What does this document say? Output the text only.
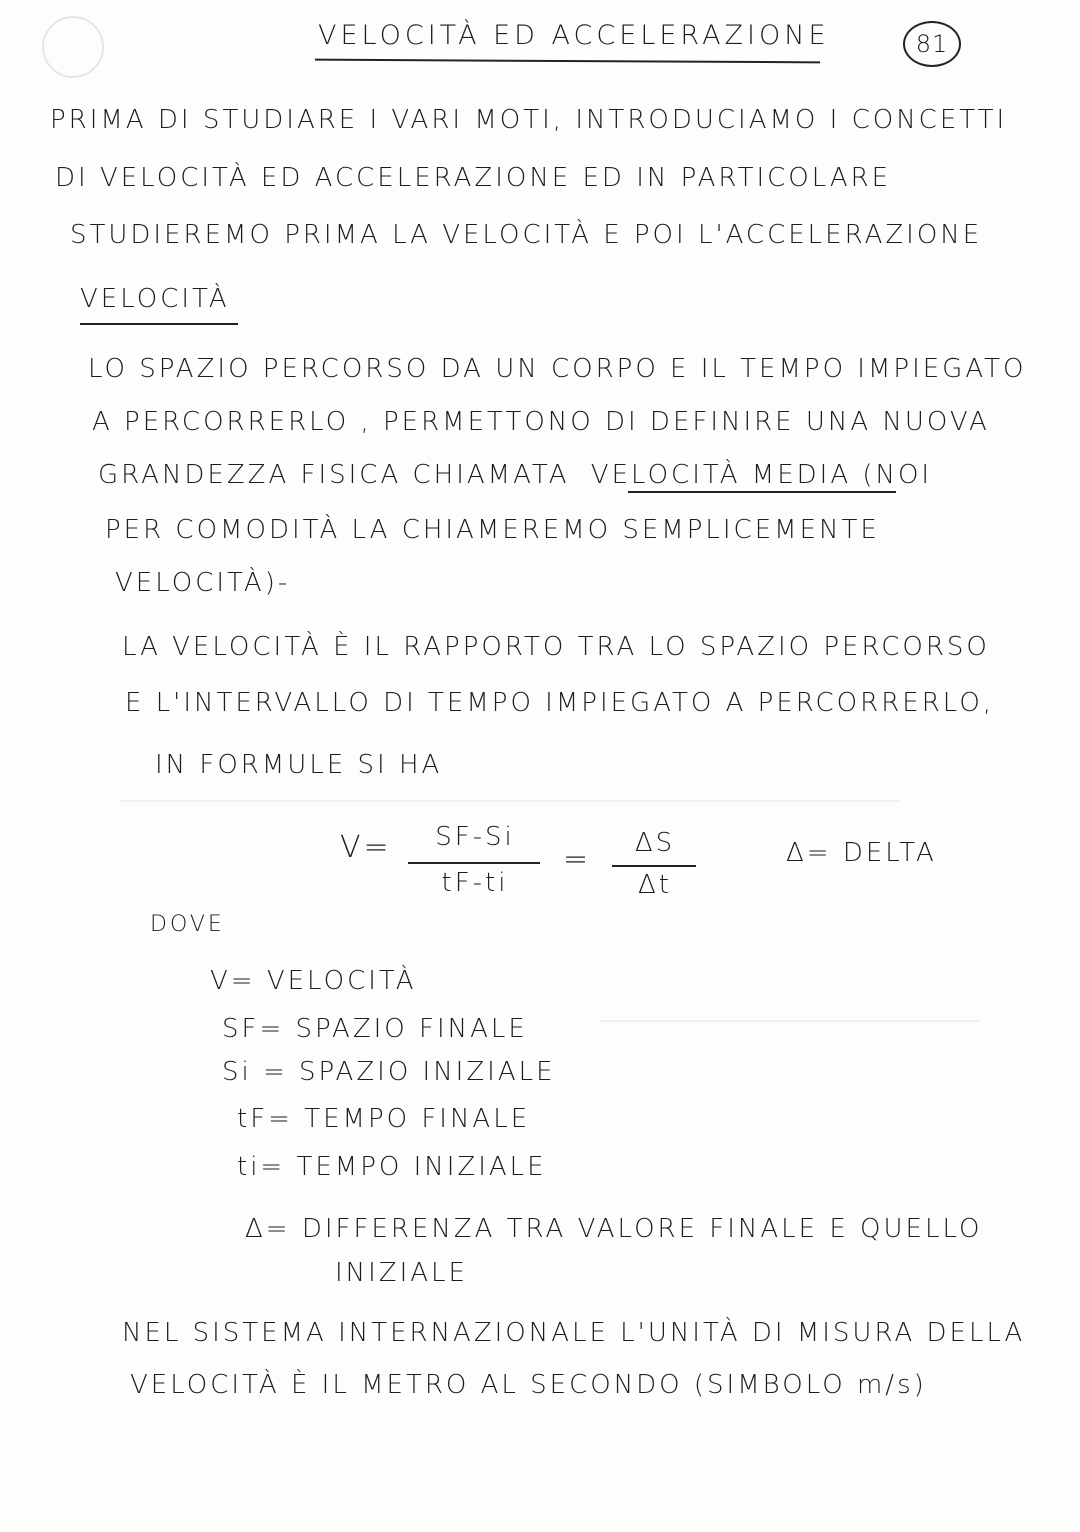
VELOCITÀ ED ACCELERAZIONE	81
PRIMA DI STUDIARE I VARI MOTI, INTRODUCIAMO I CONCETTI
DI VELOCITÀ ED ACCELERAZIONE ED IN PARTICOLARE
STUDIEREMO PRIMA LA VELOCITÀ E POI L'ACCELERAZIONE
VELOCITÀ
LO SPAZIO PERCORSO DA UN CORPO E IL TEMPO IMPIEGATO
A PERCORRERLO , PERMETTONO DI DEFINIRE UNA NUOVA
GRANDEZZA FISICA CHIAMATA VELOCITÀ MEDIA (NOI
PER COMODITÀ LA CHIAMEREMO SEMPLICEMENTE
VELOCITÀ)-
LA VELOCITÀ È IL RAPPORTO TRA LO SPAZIO PERCORSO
E L'INTERVALLO DI TEMPO IMPIEGATO A PERCORRERLO,
IN FORMULE SI HA
V=	SF-Si
tF-ti
=	ΔS
Δt
Δ= DELTA
DOVE
V= VELOCITÀ
SF= SPAZIO FINALE
Si = SPAZIO INIZIALE
tF= TEMPO FINALE
ti= TEMPO INIZIALE
Δ= DIFFERENZA TRA VALORE FINALE E QUELLO
INIZIALE
NEL SISTEMA INTERNAZIONALE L'UNITÀ DI MISURA DELLA
VELOCITÀ È IL METRO AL SECONDO (SIMBOLO m/s)
